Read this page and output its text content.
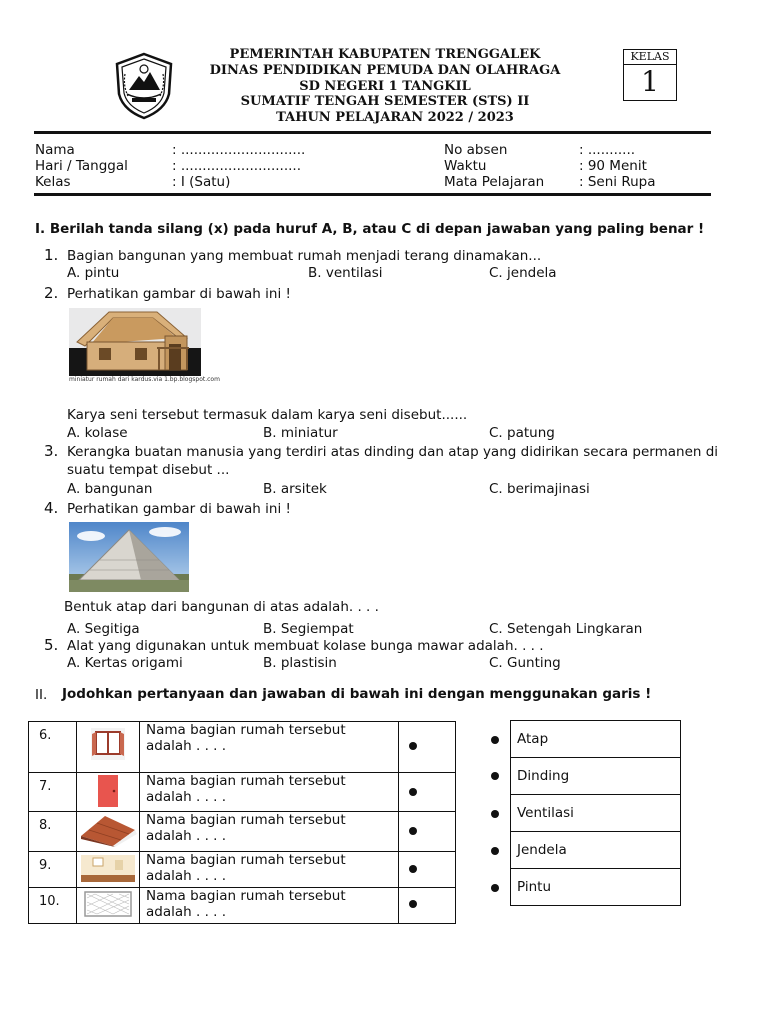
PEMERINTAH KABUPATEN TRENGGALEK
DINAS PENDIDIKAN PEMUDA DAN OLAHRAGA
SD NEGERI 1 TANGKIL
SUMATIF TENGAH SEMESTER (STS) II
TAHUN PELAJARAN 2022 / 2023
KELAS
1
Nama	: .............................
Hari / Tanggal	: ............................
Kelas	: I (Satu)
No absen	: ...........
Waktu	: 90 Menit
Mata Pelajaran	: Seni Rupa
I. Berilah tanda silang (x) pada huruf A, B, atau C di depan jawaban yang paling benar !
1. Bagian bangunan yang membuat rumah menjadi terang dinamakan...
A. pintu	B. ventilasi	C. jendela
2. Perhatikan gambar di bawah ini !
miniatur rumah dari kardus.via 1.bp.blogspot.com
Karya seni tersebut termasuk dalam karya seni disebut......
A. kolase	B. miniatur	C. patung
3. Kerangka buatan manusia yang terdiri atas dinding dan atap yang didirikan secara permanen di
suatu tempat disebut ...
A. bangunan	B. arsitek	C. berimajinasi
4. Perhatikan gambar di bawah ini !
Bentuk atap dari bangunan di atas adalah. . . .
A. Segitiga	B. Segiempat	C. Setengah Lingkaran
5. Alat yang digunakan untuk membuat kolase bunga mawar adalah. . . .
A. Kertas origami	B. plastisin	C. Gunting
II. Jodohkan pertanyaan dan jawaban di bawah ini dengan menggunakan garis !
6.		Nama bagian rumah tersebut
adalah . . . .	

7.		Nama bagian rumah tersebut
adalah . . . .	

8.		Nama bagian rumah tersebut
adalah . . . .	

9.		Nama bagian rumah tersebut
adalah . . . .	

10.		Nama bagian rumah tersebut
adalah . . . .	

Atap
Dinding
Ventilasi
Jendela
Pintu
